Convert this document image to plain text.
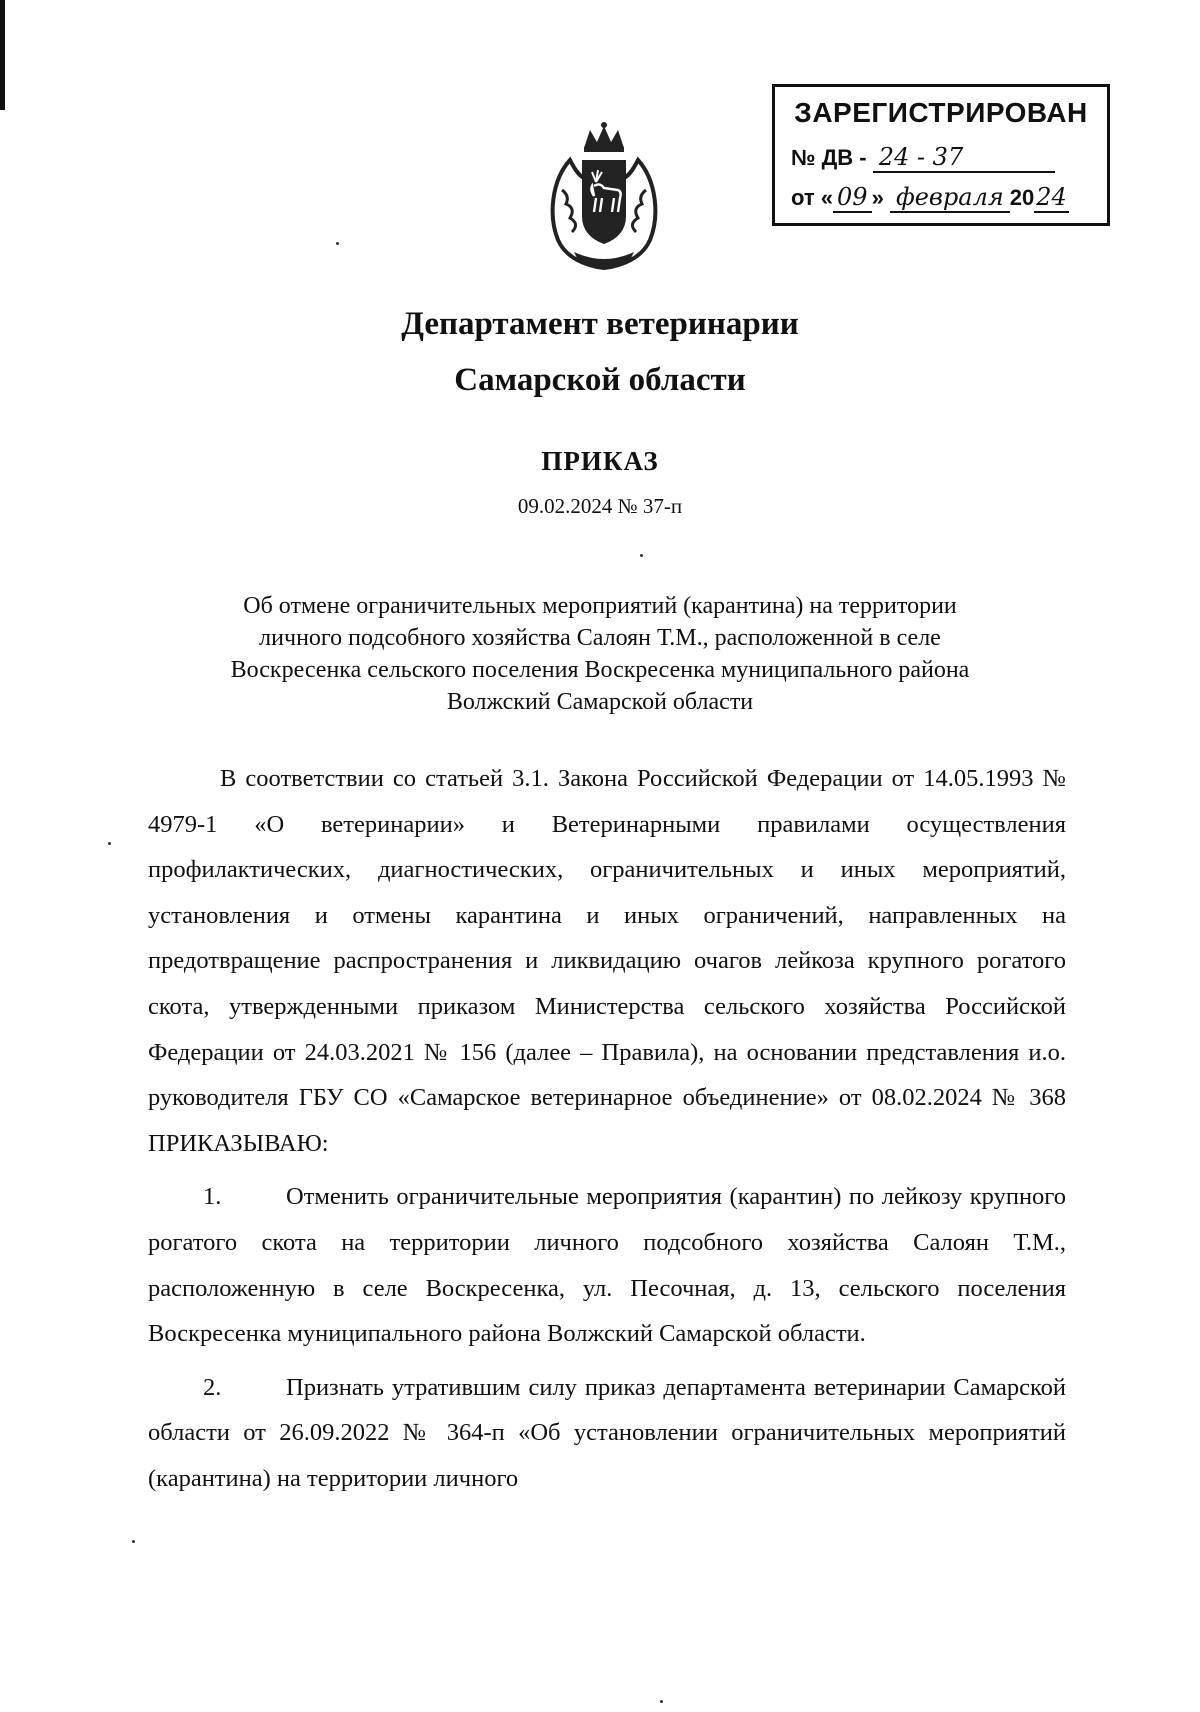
ЗАРЕГИСТРИРОВАН
№ ДВ - 24 - 37
от « 09 » февраля 2024
Департамент ветеринарии
Самарской области
ПРИКАЗ
09.02.2024 № 37-п
Об отмене ограничительных мероприятий (карантина) на территории
личного подсобного хозяйства Салоян Т.М., расположенной в селе
Воскресенка сельского поселения Воскресенка муниципального района
Волжский Самарской области

В соответствии со статьей 3.1. Закона Российской Федерации от 14.05.1993 № 4979-1 «О ветеринарии» и Ветеринарными правилами осуществления профилактических, диагностических, ограничительных и иных мероприятий, установления и отмены карантина и иных ограничений, направленных на предотвращение распространения и ликвидацию очагов лейкоза крупного рогатого скота, утвержденными приказом Министерства сельского хозяйства Российской Федерации от 24.03.2021 № 156 (далее – Правила), на основании представления и.о. руководителя ГБУ СО «Самарское ветеринарное объединение» от 08.02.2024 № 368 ПРИКАЗЫВАЮ:

1.	Отменить ограничительные мероприятия (карантин) по лейкозу крупного рогатого скота на территории личного подсобного хозяйства Салоян Т.М., расположенную в селе Воскресенка, ул. Песочная, д. 13, сельского поселения Воскресенка муниципального района Волжский Самарской области.

2.	Признать утратившим силу приказ департамента ветеринарии Самарской области от 26.09.2022 № 364-п «Об установлении ограничительных мероприятий (карантина) на территории личного
